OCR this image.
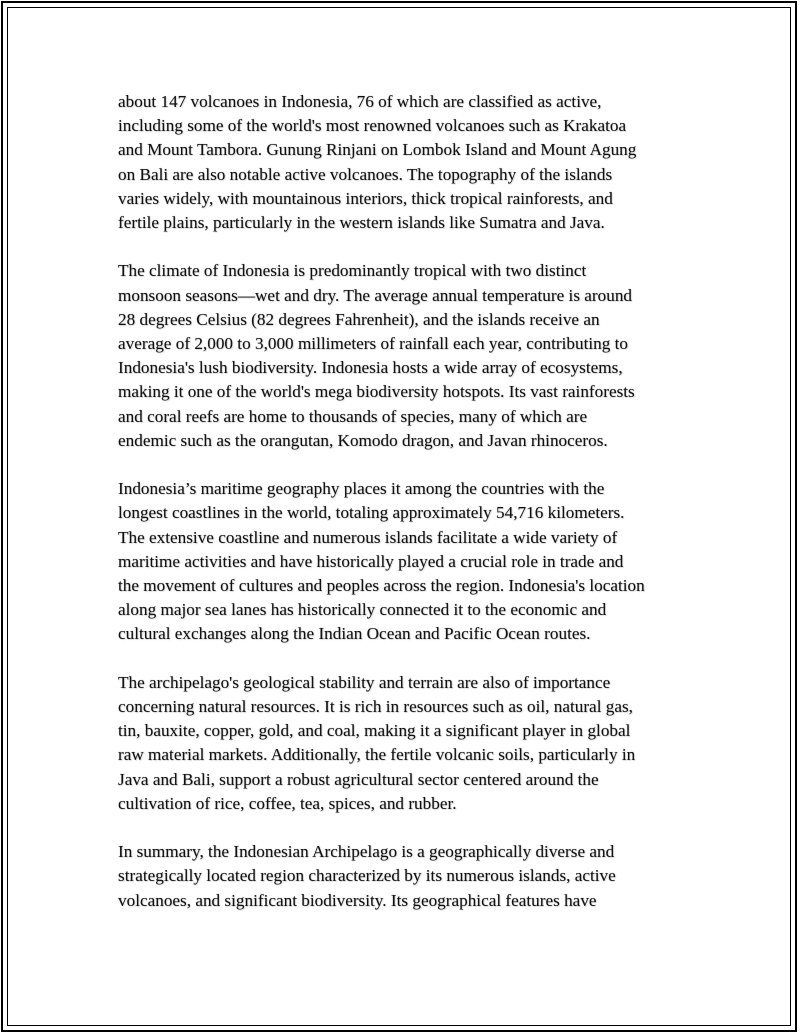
about 147 volcanoes in Indonesia, 76 of which are classified as active,
including some of the world's most renowned volcanoes such as Krakatoa
and Mount Tambora. Gunung Rinjani on Lombok Island and Mount Agung
on Bali are also notable active volcanoes. The topography of the islands
varies widely, with mountainous interiors, thick tropical rainforests, and
fertile plains, particularly in the western islands like Sumatra and Java.

The climate of Indonesia is predominantly tropical with two distinct
monsoon seasons—wet and dry. The average annual temperature is around
28 degrees Celsius (82 degrees Fahrenheit), and the islands receive an
average of 2,000 to 3,000 millimeters of rainfall each year, contributing to
Indonesia's lush biodiversity. Indonesia hosts a wide array of ecosystems,
making it one of the world's mega biodiversity hotspots. Its vast rainforests
and coral reefs are home to thousands of species, many of which are
endemic such as the orangutan, Komodo dragon, and Javan rhinoceros.

Indonesia’s maritime geography places it among the countries with the
longest coastlines in the world, totaling approximately 54,716 kilometers.
The extensive coastline and numerous islands facilitate a wide variety of
maritime activities and have historically played a crucial role in trade and
the movement of cultures and peoples across the region. Indonesia's location
along major sea lanes has historically connected it to the economic and
cultural exchanges along the Indian Ocean and Pacific Ocean routes.

The archipelago's geological stability and terrain are also of importance
concerning natural resources. It is rich in resources such as oil, natural gas,
tin, bauxite, copper, gold, and coal, making it a significant player in global
raw material markets. Additionally, the fertile volcanic soils, particularly in
Java and Bali, support a robust agricultural sector centered around the
cultivation of rice, coffee, tea, spices, and rubber.

In summary, the Indonesian Archipelago is a geographically diverse and
strategically located region characterized by its numerous islands, active
volcanoes, and significant biodiversity. Its geographical features have
